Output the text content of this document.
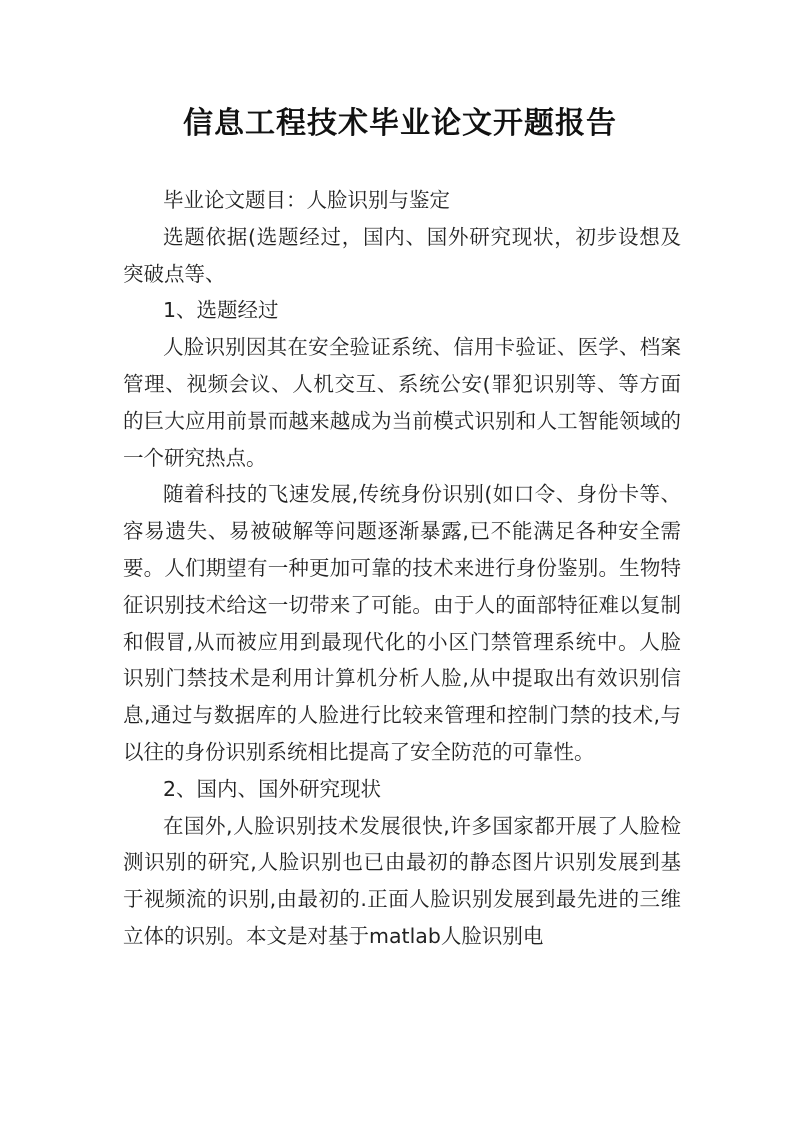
信息工程技术毕业论文开题报告

毕业论文题目：人脸识别与鉴定

选题依据(选题经过，国内、国外研究现状，初步设想及突破点等、

1、选题经过

人脸识别因其在安全验证系统、信用卡验证、医学、档案管理、视频会议、人机交互、系统公安(罪犯识别等、等方面的巨大应用前景而越来越成为当前模式识别和人工智能领域的一个研究热点。

随着科技的飞速发展,传统身份识别(如口令、身份卡等、容易遗失、易被破解等问题逐渐暴露,已不能满足各种安全需要。人们期望有一种更加可靠的技术来进行身份鉴别。生物特征识别技术给这一切带来了可能。由于人的面部特征难以复制和假冒,从而被应用到最现代化的小区门禁管理系统中。人脸识别门禁技术是利用计算机分析人脸,从中提取出有效识别信息,通过与数据库的人脸进行比较来管理和控制门禁的技术,与以往的身份识别系统相比提高了安全防范的可靠性。

2、国内、国外研究现状

在国外,人脸识别技术发展很快,许多国家都开展了人脸检测识别的研究,人脸识别也已由最初的静态图片识别发展到基于视频流的识别,由最初的.正面人脸识别发展到最先进的三维立体的识别。本文是对基于matlab人脸识别电
